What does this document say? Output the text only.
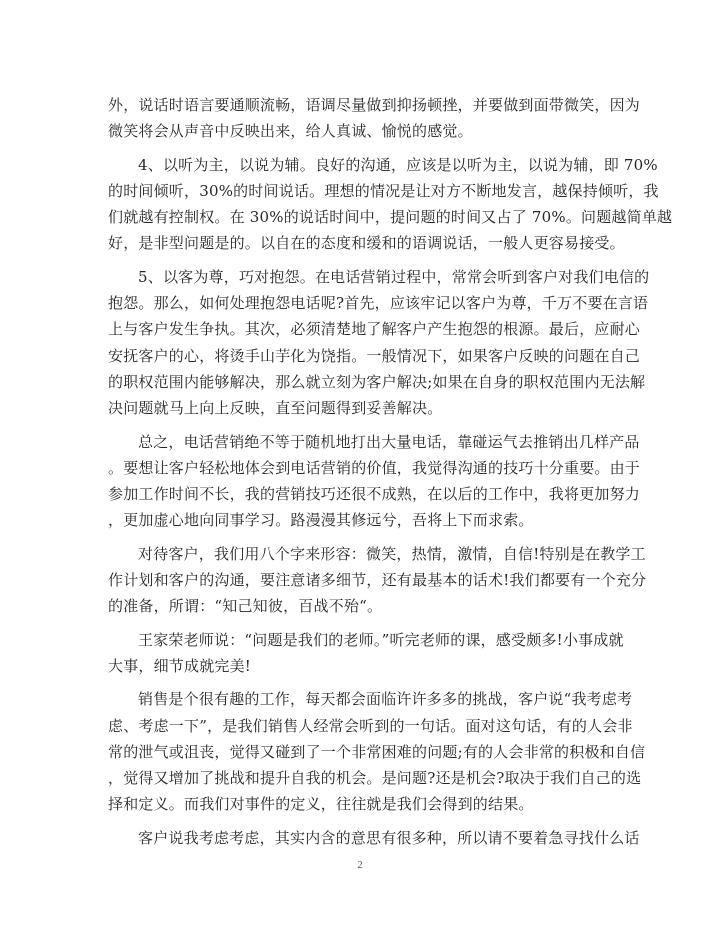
外，说话时语言要通顺流畅，语调尽量做到抑扬顿挫，并要做到面带微笑，因为
微笑将会从声音中反映出来，给人真诚、愉悦的感觉。
4、以听为主，以说为辅。良好的沟通，应该是以听为主，以说为辅，即 70%
的时间倾听，30%的时间说话。理想的情况是让对方不断地发言，越保持倾听，我
们就越有控制权。在 30%的说话时间中，提问题的时间又占了 70%。问题越简单越
好，是非型问题是的。以自在的态度和缓和的语调说话，一般人更容易接受。
5、以客为尊，巧对抱怨。在电话营销过程中，常常会听到客户对我们电信的
抱怨。那么，如何处理抱怨电话呢?首先，应该牢记以客户为尊，千万不要在言语
上与客户发生争执。其次，必须清楚地了解客户产生抱怨的根源。最后，应耐心
安抚客户的心，将烫手山芋化为饶指。一般情况下，如果客户反映的问题在自己
的职权范围内能够解决，那么就立刻为客户解决;如果在自身的职权范围内无法解
决问题就马上向上反映，直至问题得到妥善解决。
总之，电话营销绝不等于随机地打出大量电话，靠碰运气去推销出几样产品
。要想让客户轻松地体会到电话营销的价值，我觉得沟通的技巧十分重要。由于
参加工作时间不长，我的营销技巧还很不成熟，在以后的工作中，我将更加努力
，更加虚心地向同事学习。路漫漫其修远兮，吾将上下而求索。
对待客户，我们用八个字来形容：微笑，热情，激情，自信!特别是在教学工
作计划和客户的沟通，要注意诸多细节，还有最基本的话术!我们都要有一个充分
的准备，所谓：“知己知彼，百战不殆“。
王家荣老师说：“问题是我们的老师。”听完老师的课，感受颇多!小事成就
大事，细节成就完美!
销售是个很有趣的工作，每天都会面临许许多多的挑战，客户说“我考虑考
虑、考虑一下”，是我们销售人经常会听到的一句话。面对这句话，有的人会非
常的泄气或沮丧，觉得又碰到了一个非常困难的问题;有的人会非常的积极和自信
，觉得又增加了挑战和提升自我的机会。是问题?还是机会?取决于我们自己的选
择和定义。而我们对事件的定义，往往就是我们会得到的结果。
客户说我考虑考虑，其实内含的意思有很多种，所以请不要着急寻找什么话
2
